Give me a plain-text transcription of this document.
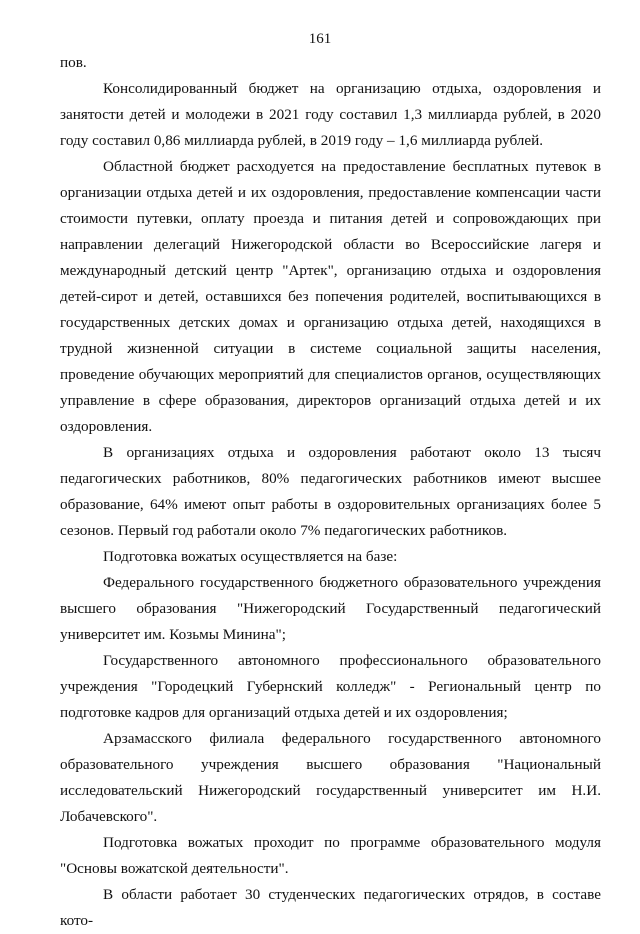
161

пов.

Консолидированный бюджет на организацию отдыха, оздоровления и занятости детей и молодежи в 2021 году составил 1,3 миллиарда рублей, в 2020 году составил 0,86 миллиарда рублей, в 2019 году – 1,6 миллиарда рублей.

Областной бюджет расходуется на предоставление бесплатных путевок в организации отдыха детей и их оздоровления, предоставление компенсации части стоимости путевки, оплату проезда и питания детей и сопровождающих при направлении делегаций Нижегородской области во Всероссийские лагеря и международный детский центр "Артек", организацию отдыха и оздоровления детей-сирот и детей, оставшихся без попечения родителей, воспитывающихся в государственных детских домах и организацию отдыха детей, находящихся в трудной жизненной ситуации в системе социальной защиты населения, проведение обучающих мероприятий для специалистов органов, осуществляющих управление в сфере образования, директоров организаций отдыха детей и их оздоровления.

В организациях отдыха и оздоровления работают около 13 тысяч педагогических работников, 80% педагогических работников имеют высшее образование, 64% имеют опыт работы в оздоровительных организациях более 5 сезонов. Первый год работали около 7% педагогических работников.

Подготовка вожатых осуществляется на базе:

Федерального государственного бюджетного образовательного учреждения высшего образования "Нижегородский Государственный педагогический университет им. Козьмы Минина";

Государственного автономного профессионального образовательного учреждения "Городецкий Губернский колледж" - Региональный центр по подготовке кадров для организаций отдыха детей и их оздоровления;

Арзамасского филиала федерального государственного автономного образовательного учреждения высшего образования "Национальный исследовательский Нижегородский государственный университет им Н.И. Лобачевского".

Подготовка вожатых проходит по программе образовательного модуля "Основы вожатской деятельности".

В области работает 30 студенческих педагогических отрядов, в составе кото-
